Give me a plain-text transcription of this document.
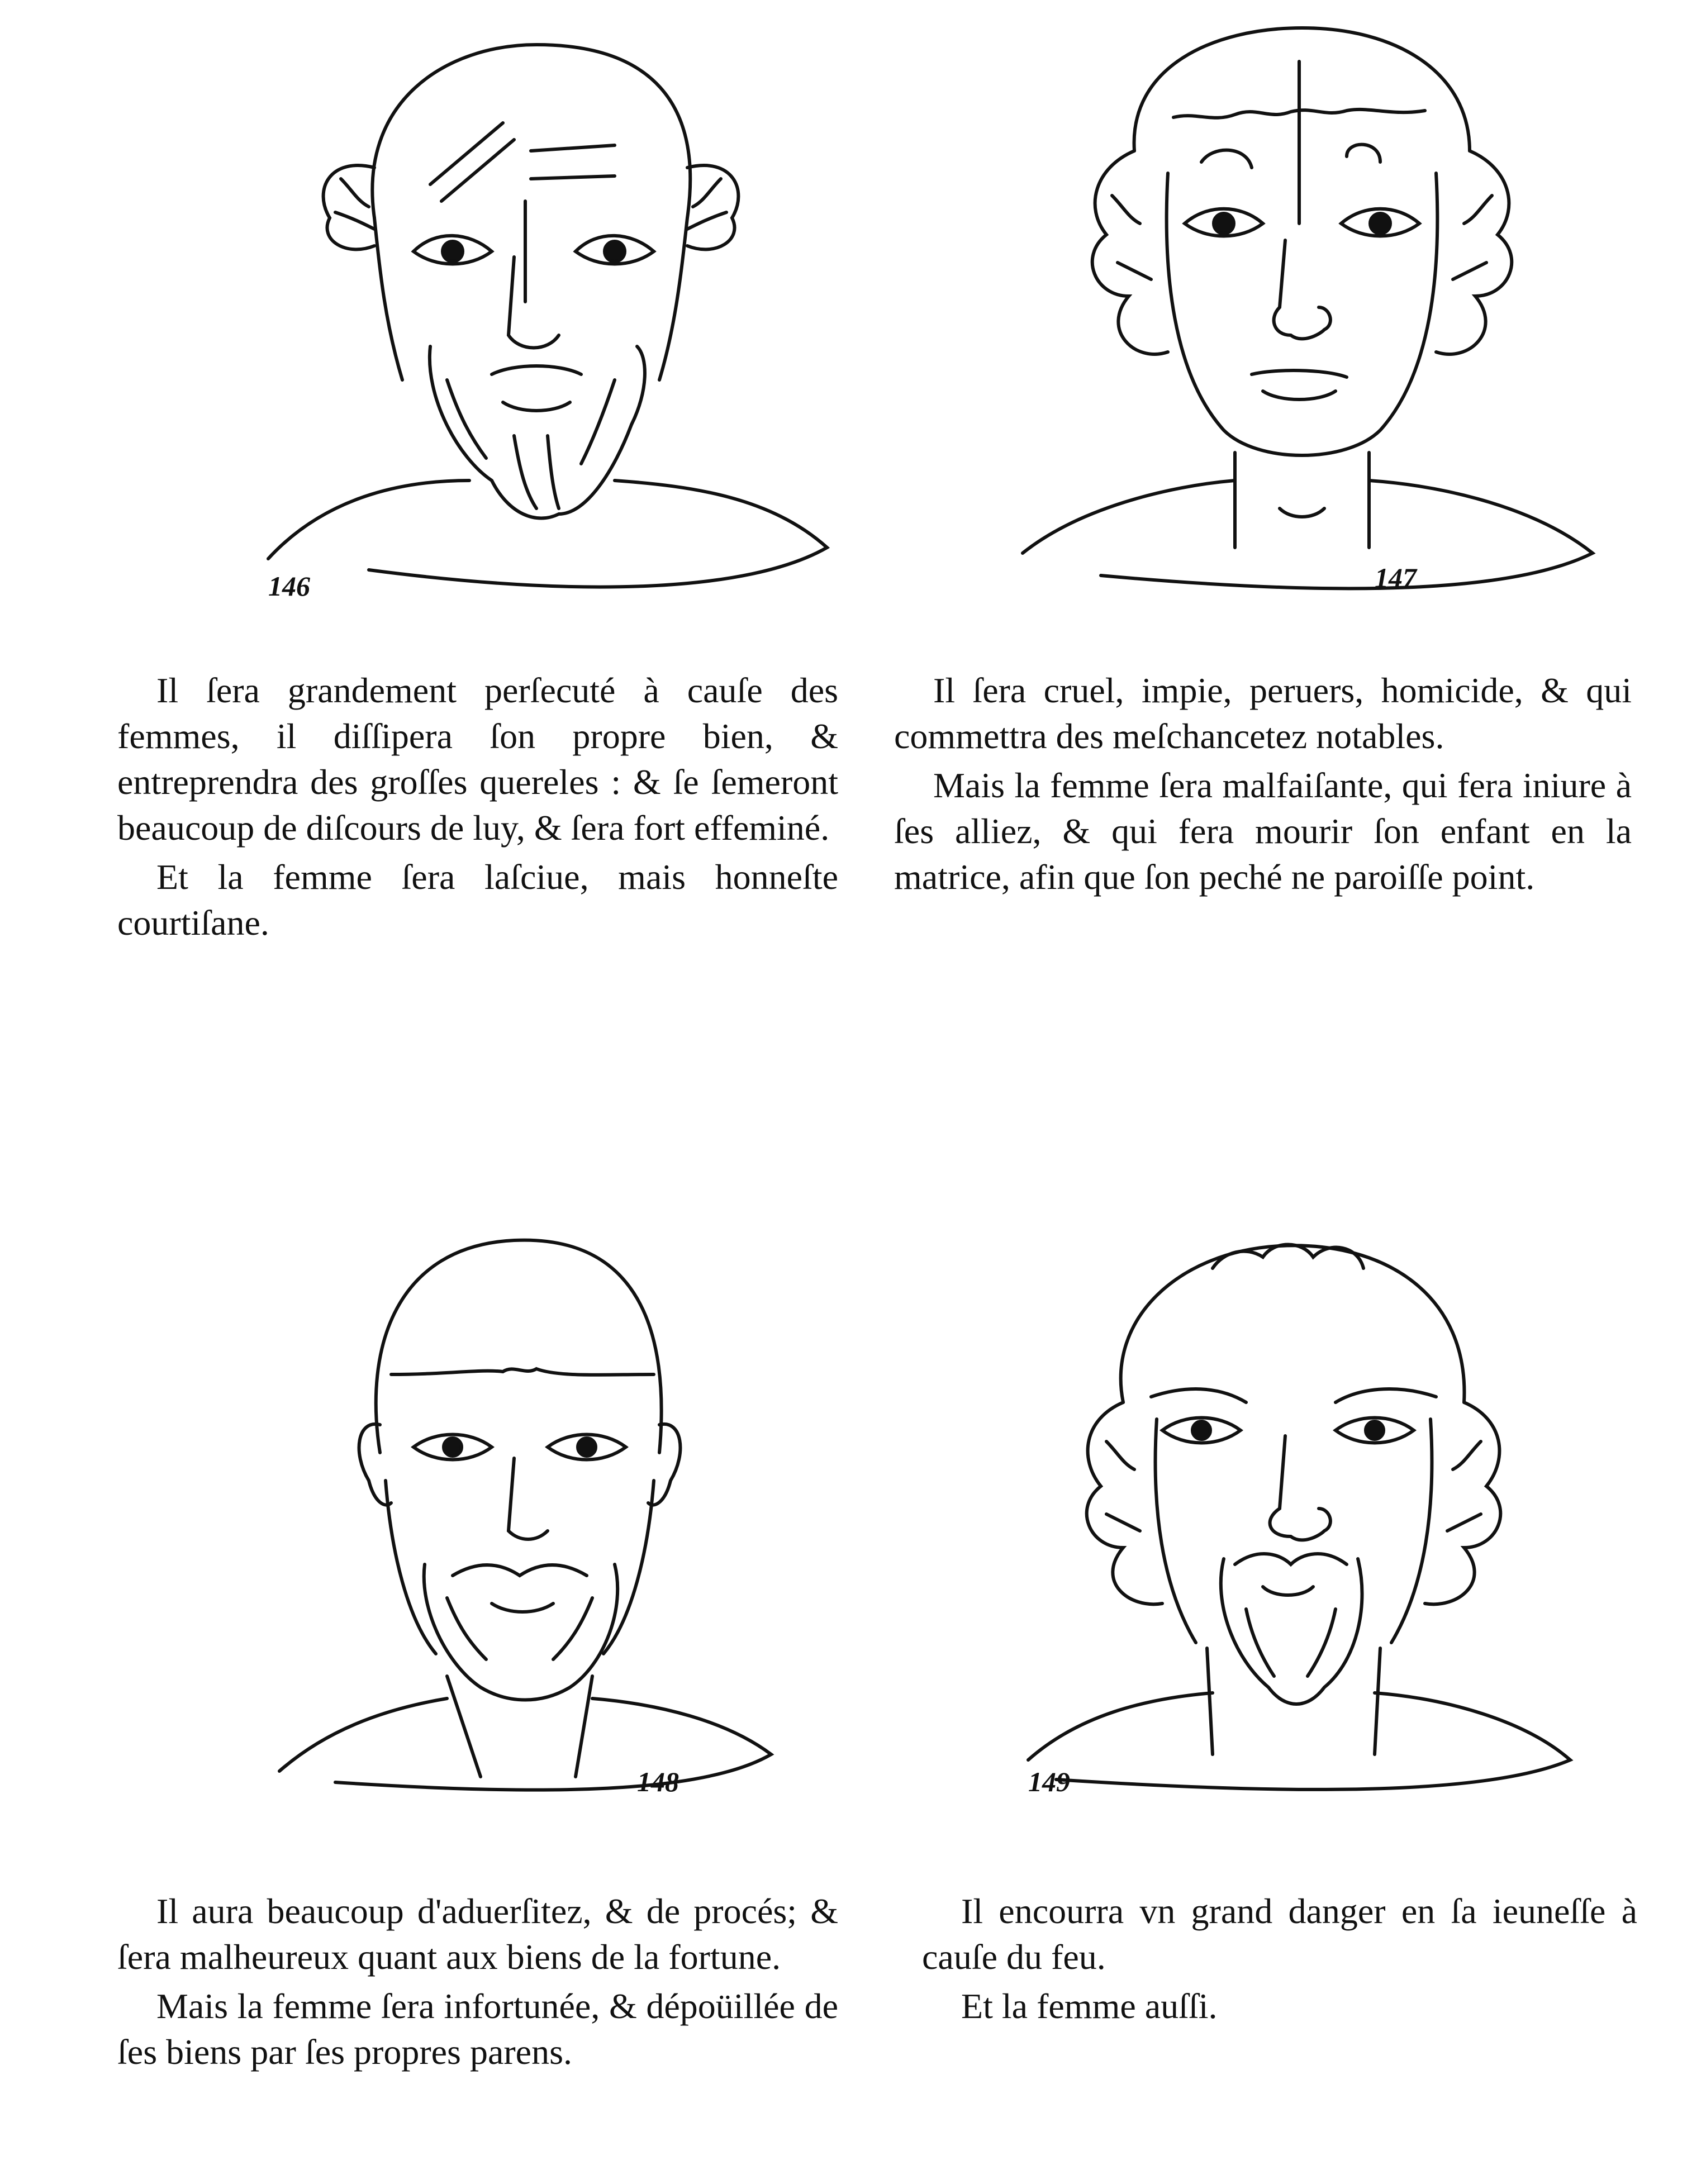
146	147
148	149

Il ſera grandement perſecuté à cauſe des femmes, il diſſipera ſon propre bien, & entreprendra des groſſes quereles : & ſe ſemeront beaucoup de diſcours de luy, & ſera fort effeminé.

Et la femme ſera laſciue, mais honneſte courtiſane.

Il ſera cruel, impie, peruers, homicide, & qui commettra des meſchancetez notables.

Mais la femme ſera malfaiſante, qui fera iniure à ſes alliez, & qui fera mourir ſon enfant en la matrice, afin que ſon peché ne paroiſſe point.

Il aura beaucoup d'aduerſitez, & de procés; & ſera malheureux quant aux biens de la fortune.

Mais la femme ſera infortunée, & dépoüillée de ſes biens par ſes propres parens.

Il encourra vn grand danger en ſa ieuneſſe à cauſe du feu.

Et la femme auſſi.
